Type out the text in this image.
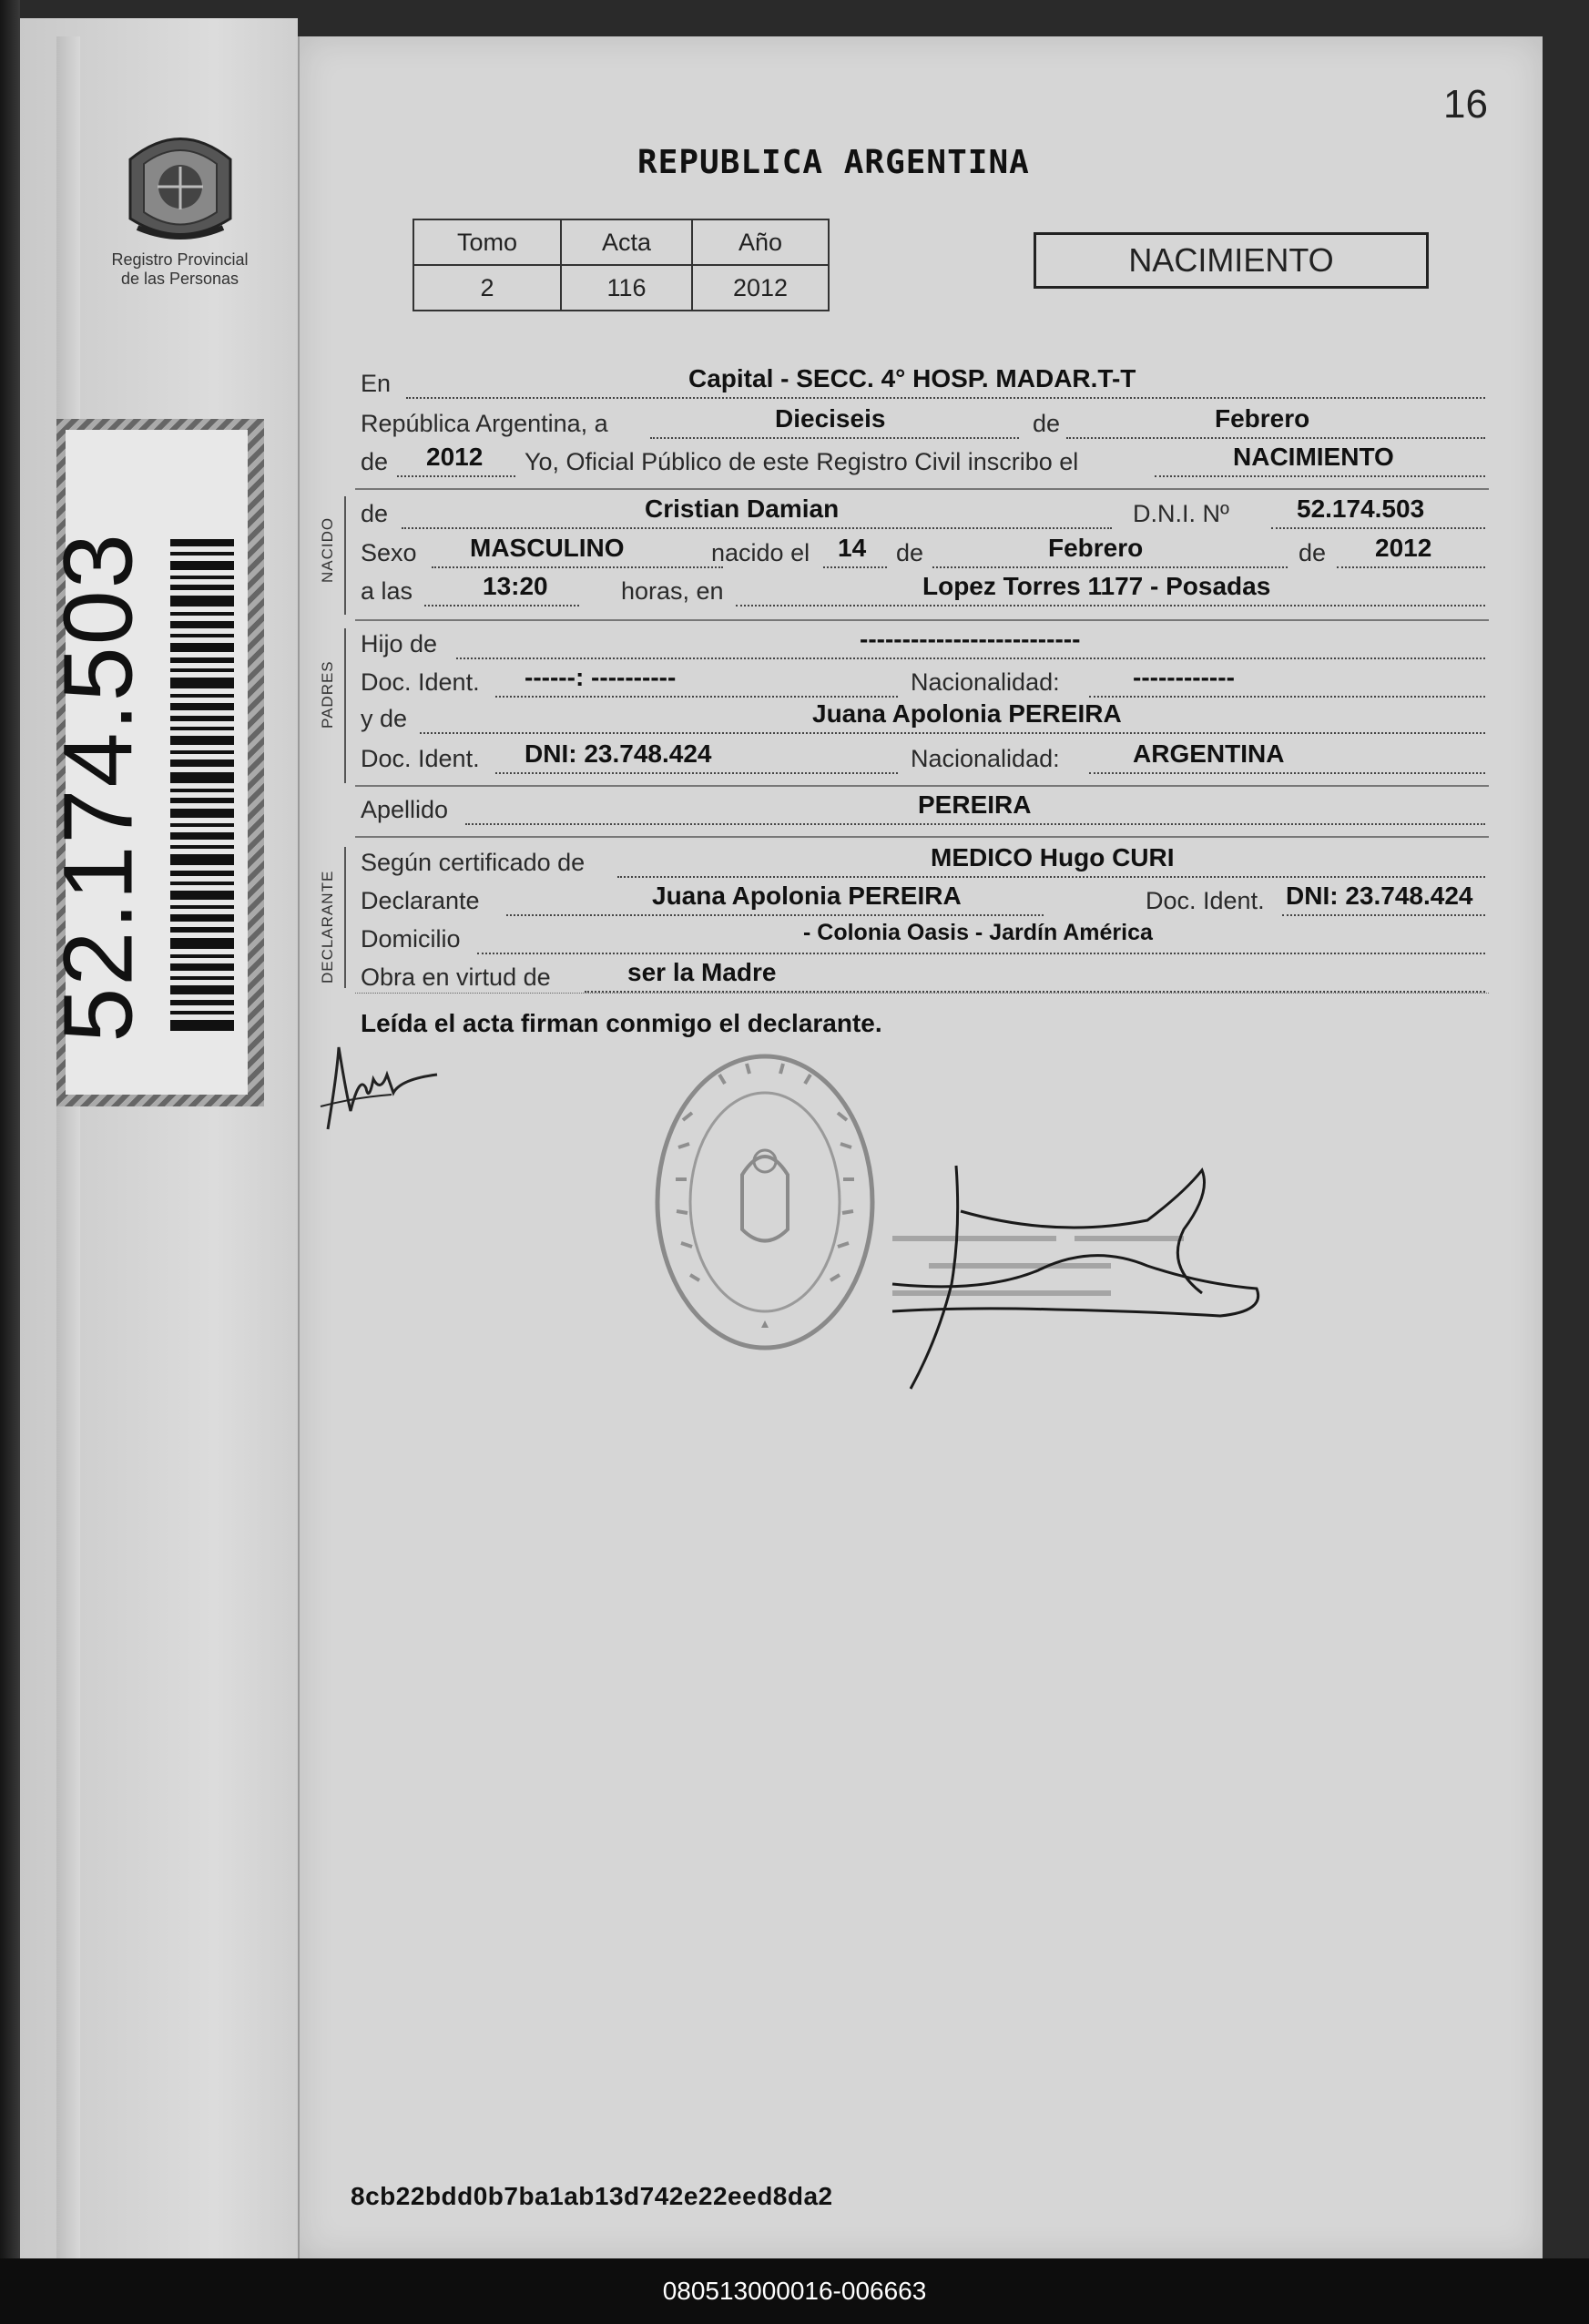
Registro Provincial
de las Personas
52.174.503
16
REPUBLICA ARGENTINA
Tomo	Acta	Año
2	116	2012
NACIMIENTO
NACIDO
PADRES
DECLARANTE
En	Capital - SECC. 4° HOSP. MADAR.T-T
República Argentina, a	Dieciseis	de	Febrero
de 2012 Yo, Oficial Público de este Registro Civil inscribo el	NACIMIENTO
de	Cristian Damian	D.N.I. Nº	52.174.503
Sexo MASCULINO	nacido el 14 de	Febrero	de 2012
a las	13:20	horas, en	Lopez Torres 1177 - Posadas
Hijo de	--------------------------
Doc. Ident. ------: ----------	Nacionalidad:	------------
y de	Juana Apolonia PEREIRA
Doc. Ident. DNI: 23.748.424	Nacionalidad:	ARGENTINA
Apellido	PEREIRA
Según certificado de	MEDICO Hugo CURI
Declarante	Juana Apolonia PEREIRA	Doc. Ident. DNI: 23.748.424
Domicilio	- Colonia Oasis - Jardín América
Obra en virtud de	ser la Madre
Leída el acta firman conmigo el declarante.
8cb22bdd0b7ba1ab13d742e22eed8da2
080513000016-006663
